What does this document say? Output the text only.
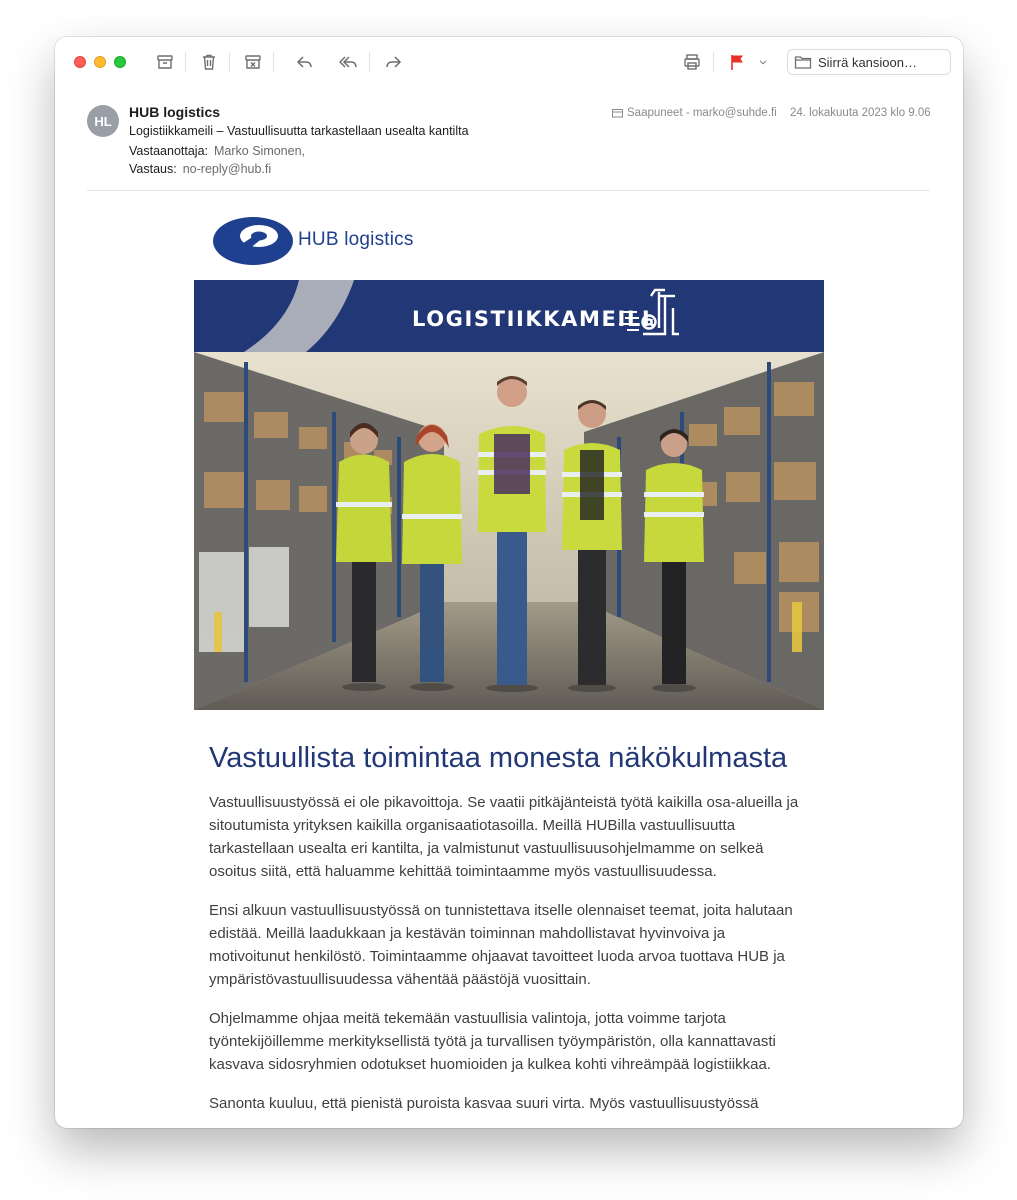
Siirrä kansioon…
HL
HUB logistics
Logistiikkameili – Vastuullisuutta tarkastellaan usealta kantilta
Vastaanottaja: Marko Simonen,
Vastaus: no-reply@hub.fi
Saapuneet - marko@suhde.fi 24. lokakuuta 2023 klo 9.06
HUB logistics
LOGISTIIKKAMEILI
Vastuullista toimintaa monesta näkökulmasta

Vastuullisuustyössä ei ole pikavoittoja. Se vaatii pitkäjänteistä työtä kaikilla osa-alueilla ja sitoutumista yrityksen kaikilla organisaatiotasoilla. Meillä HUBilla vastuullisuutta tarkastellaan usealta eri kantilta, ja valmistunut vastuullisuusohjelmamme on selkeä osoitus siitä, että haluamme kehittää toimintaamme myös vastuullisuudessa.

Ensi alkuun vastuullisuustyössä on tunnistettava itselle olennaiset teemat, joita halutaan edistää. Meillä laadukkaan ja kestävän toiminnan mahdollistavat hyvinvoiva ja motivoitunut henkilöstö. Toimintaamme ohjaavat tavoitteet luoda arvoa tuottava HUB ja ympäristövastuullisuudessa vähentää päästöjä vuosittain.

Ohjelmamme ohjaa meitä tekemään vastuullisia valintoja, jotta voimme tarjota työntekijöillemme merkityksellistä työtä ja turvallisen työympäristön, olla kannattavasti kasvava sidosryhmien odotukset huomioiden ja kulkea kohti vihreämpää logistiikkaa.

Sanonta kuuluu, että pienistä puroista kasvaa suuri virta. Myös vastuullisuustyössä
